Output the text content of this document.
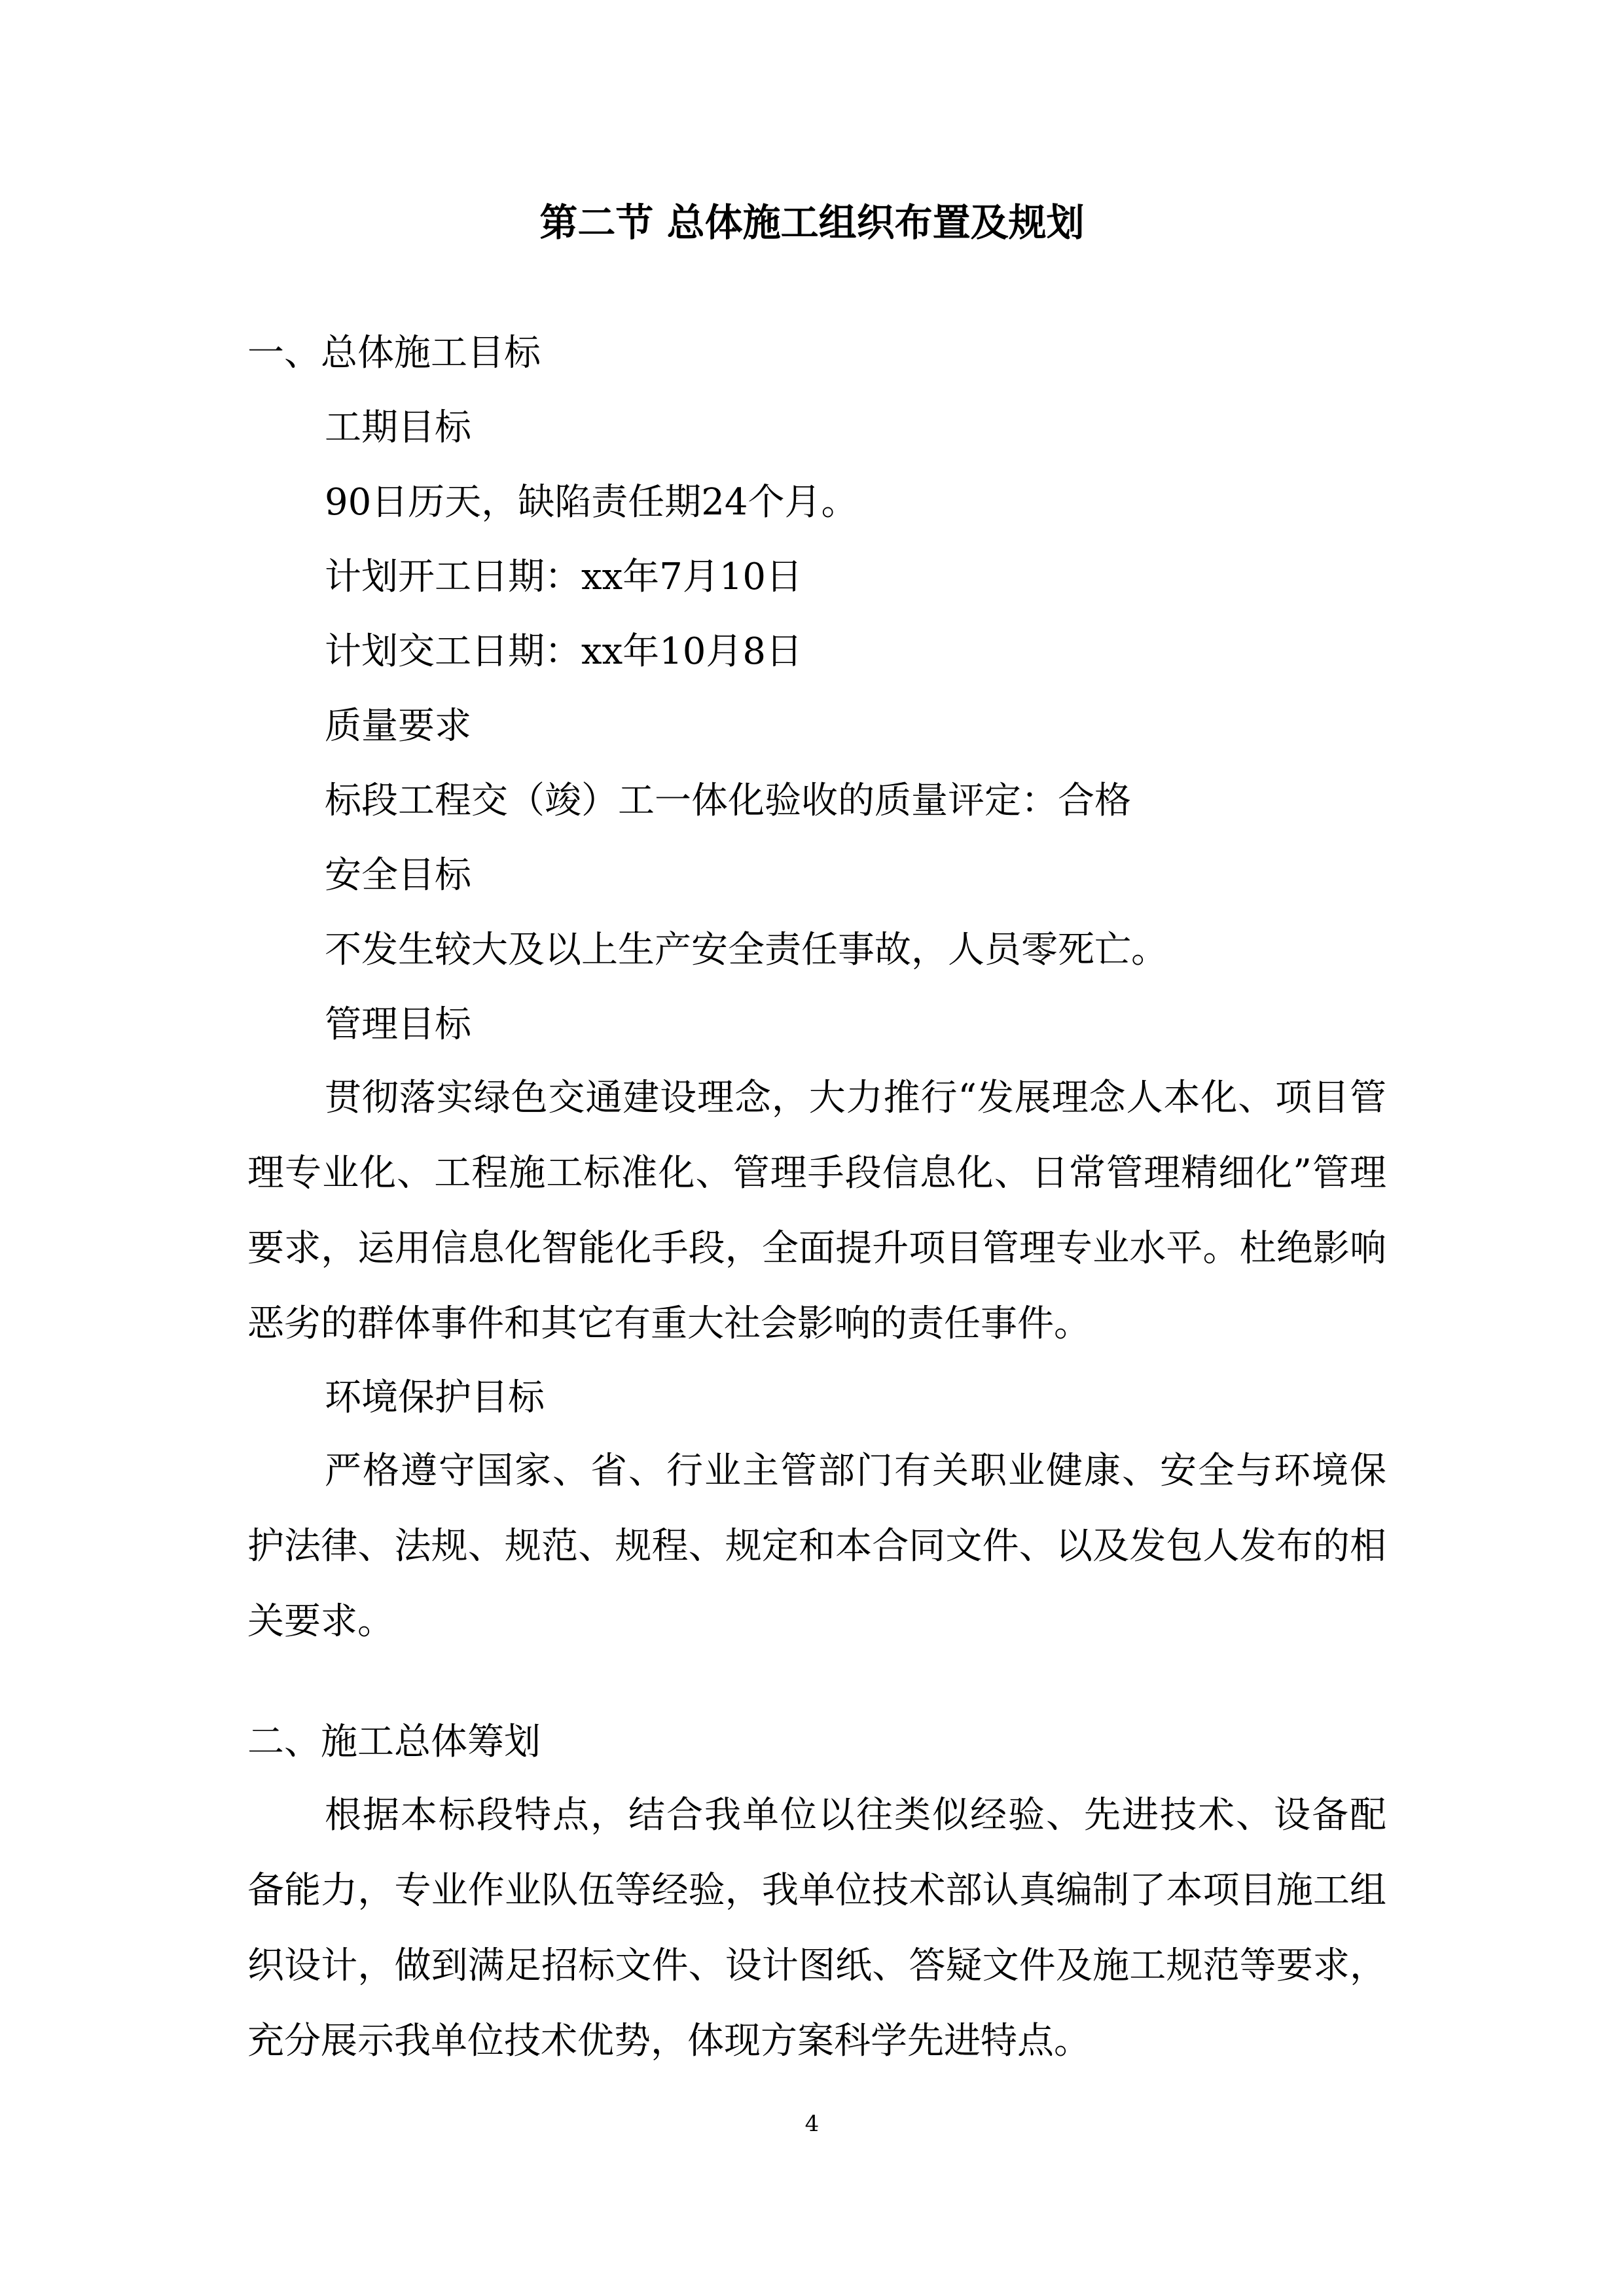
第二节 总体施工组织布置及规划

一、总体施工目标

工期目标

90日历天，缺陷责任期24个月。

计划开工日期：xx年7月10日

计划交工日期：xx年10月8日

质量要求

标段工程交（竣）工一体化验收的质量评定：合格

安全目标

不发生较大及以上生产安全责任事故，人员零死亡。

管理目标

贯彻落实绿色交通建设理念，大力推行“发展理念人本化、项目管理专业化、工程施工标准化、管理手段信息化、日常管理精细化”管理要求，运用信息化智能化手段，全面提升项目管理专业水平。杜绝影响恶劣的群体事件和其它有重大社会影响的责任事件。

环境保护目标

严格遵守国家、省、行业主管部门有关职业健康、安全与环境保护法律、法规、规范、规程、规定和本合同文件、以及发包人发布的相关要求。

二、施工总体筹划

根据本标段特点，结合我单位以往类似经验、先进技术、设备配备能力，专业作业队伍等经验，我单位技术部认真编制了本项目施工组织设计，做到满足招标文件、设计图纸、答疑文件及施工规范等要求，充分展示我单位技术优势，体现方案科学先进特点。

4
